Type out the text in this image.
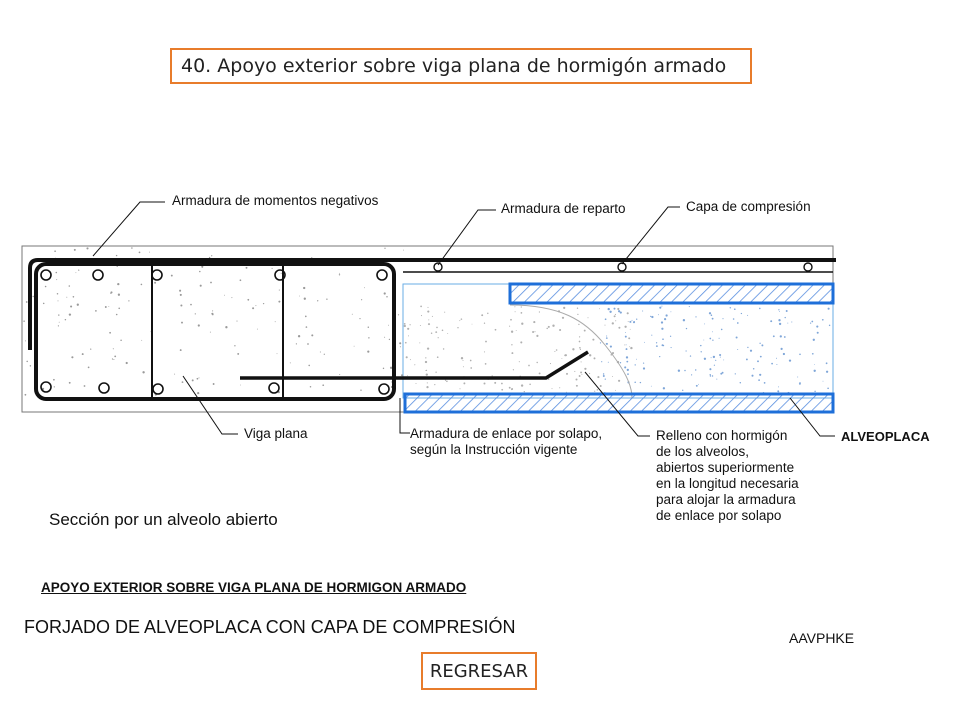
40. Apoyo exterior sobre viga plana de hormigón armado
Armadura de momentos negativos
Armadura de reparto	Capa de compresión
Viga plana	Armadura de enlace por solapo,
según la Instrucción vigente
Relleno con hormigón
de los alveolos,
abiertos superiormente
en la longitud necesaria
para alojar la armadura
de enlace por solapo
ALVEOPLACA
Sección por un alveolo abierto
APOYO EXTERIOR SOBRE VIGA PLANA DE HORMIGON ARMADO
FORJADO DE ALVEOPLACA CON CAPA DE COMPRESIÓN
AAVPHKE
REGRESAR
